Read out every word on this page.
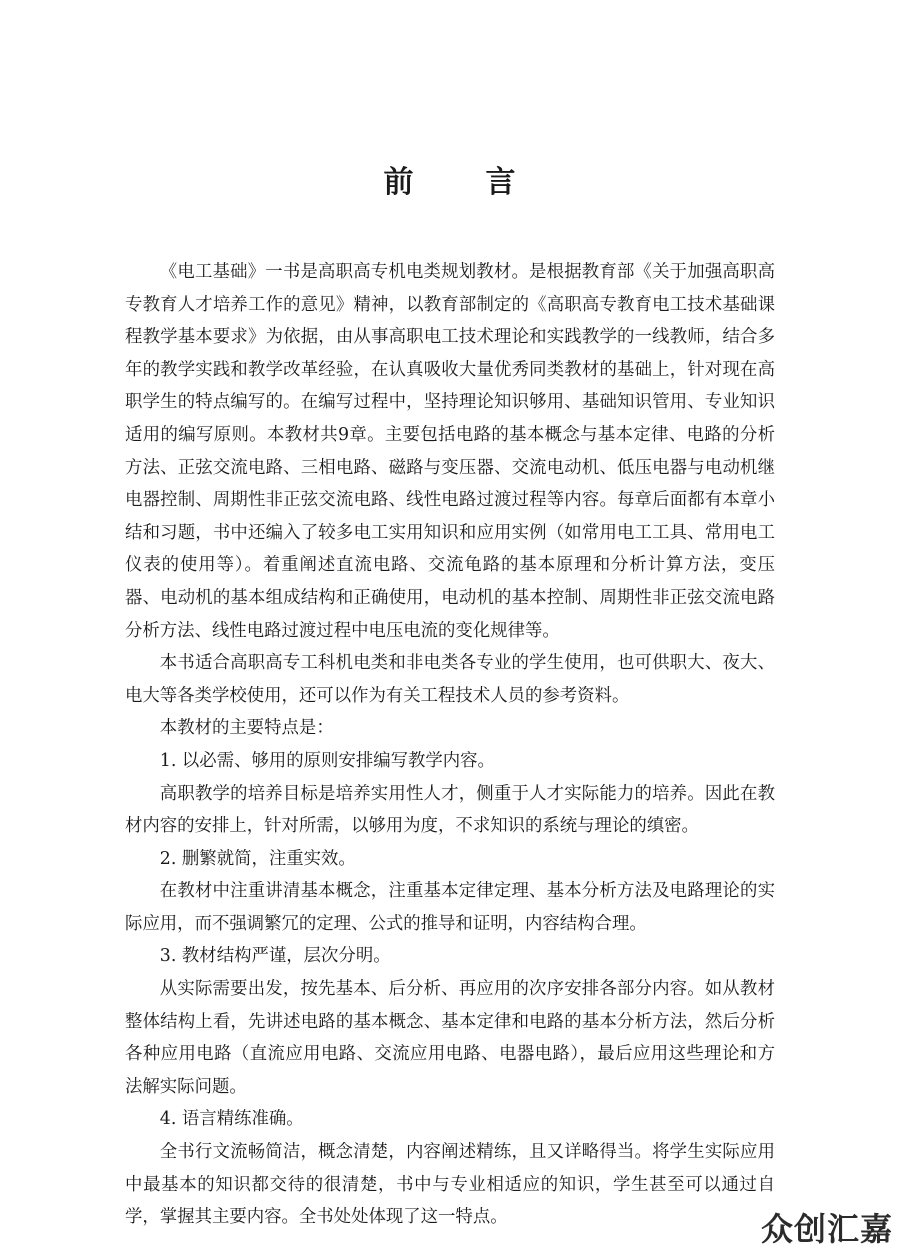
前言

《电工基础》一书是高职高专机电类规划教材。是根据教育部《关于加强高职高专教育人才培养工作的意见》精神，以教育部制定的《高职高专教育电工技术基础课程教学基本要求》为依据，由从事高职电工技术理论和实践教学的一线教师，结合多年的教学实践和教学改革经验，在认真吸收大量优秀同类教材的基础上，针对现在高职学生的特点编写的。在编写过程中，坚持理论知识够用、基础知识管用、专业知识适用的编写原则。本教材共9章。主要包括电路的基本概念与基本定律、电路的分析方法、正弦交流电路、三相电路、磁路与变压器、交流电动机、低压电器与电动机继电器控制、周期性非正弦交流电路、线性电路过渡过程等内容。每章后面都有本章小结和习题，书中还编入了较多电工实用知识和应用实例（如常用电工工具、常用电工仪表的使用等）。着重阐述直流电路、交流龟路的基本原理和分析计算方法，变压器、电动机的基本组成结构和正确使用，电动机的基本控制、周期性非正弦交流电路分析方法、线性电路过渡过程中电压电流的变化规律等。

本书适合高职高专工科机电类和非电类各专业的学生使用，也可供职大、夜大、电大等各类学校使用，还可以作为有关工程技术人员的参考资料。

本教材的主要特点是：

1. 以必需、够用的原则安排编写教学内容。

高职教学的培养目标是培养实用性人才，侧重于人才实际能力的培养。因此在教材内容的安排上，针对所需，以够用为度，不求知识的系统与理论的缜密。

2. 删繁就简，注重实效。

在教材中注重讲清基本概念，注重基本定律定理、基本分析方法及电路理论的实际应用，而不强调繁冗的定理、公式的推导和证明，内容结构合理。

3. 教材结构严谨，层次分明。

从实际需要出发，按先基本、后分析、再应用的次序安排各部分内容。如从教材整体结构上看，先讲述电路的基本概念、基本定律和电路的基本分析方法，然后分析各种应用电路（直流应用电路、交流应用电路、电器电路），最后应用这些理论和方法解实际问题。

4. 语言精练准确。

全书行文流畅简洁，概念清楚，内容阐述精练，且又详略得当。将学生实际应用中最基本的知识都交待的很清楚，书中与专业相适应的知识，学生甚至可以通过自学，掌握其主要内容。全书处处体现了这一特点。	众创汇嘉
